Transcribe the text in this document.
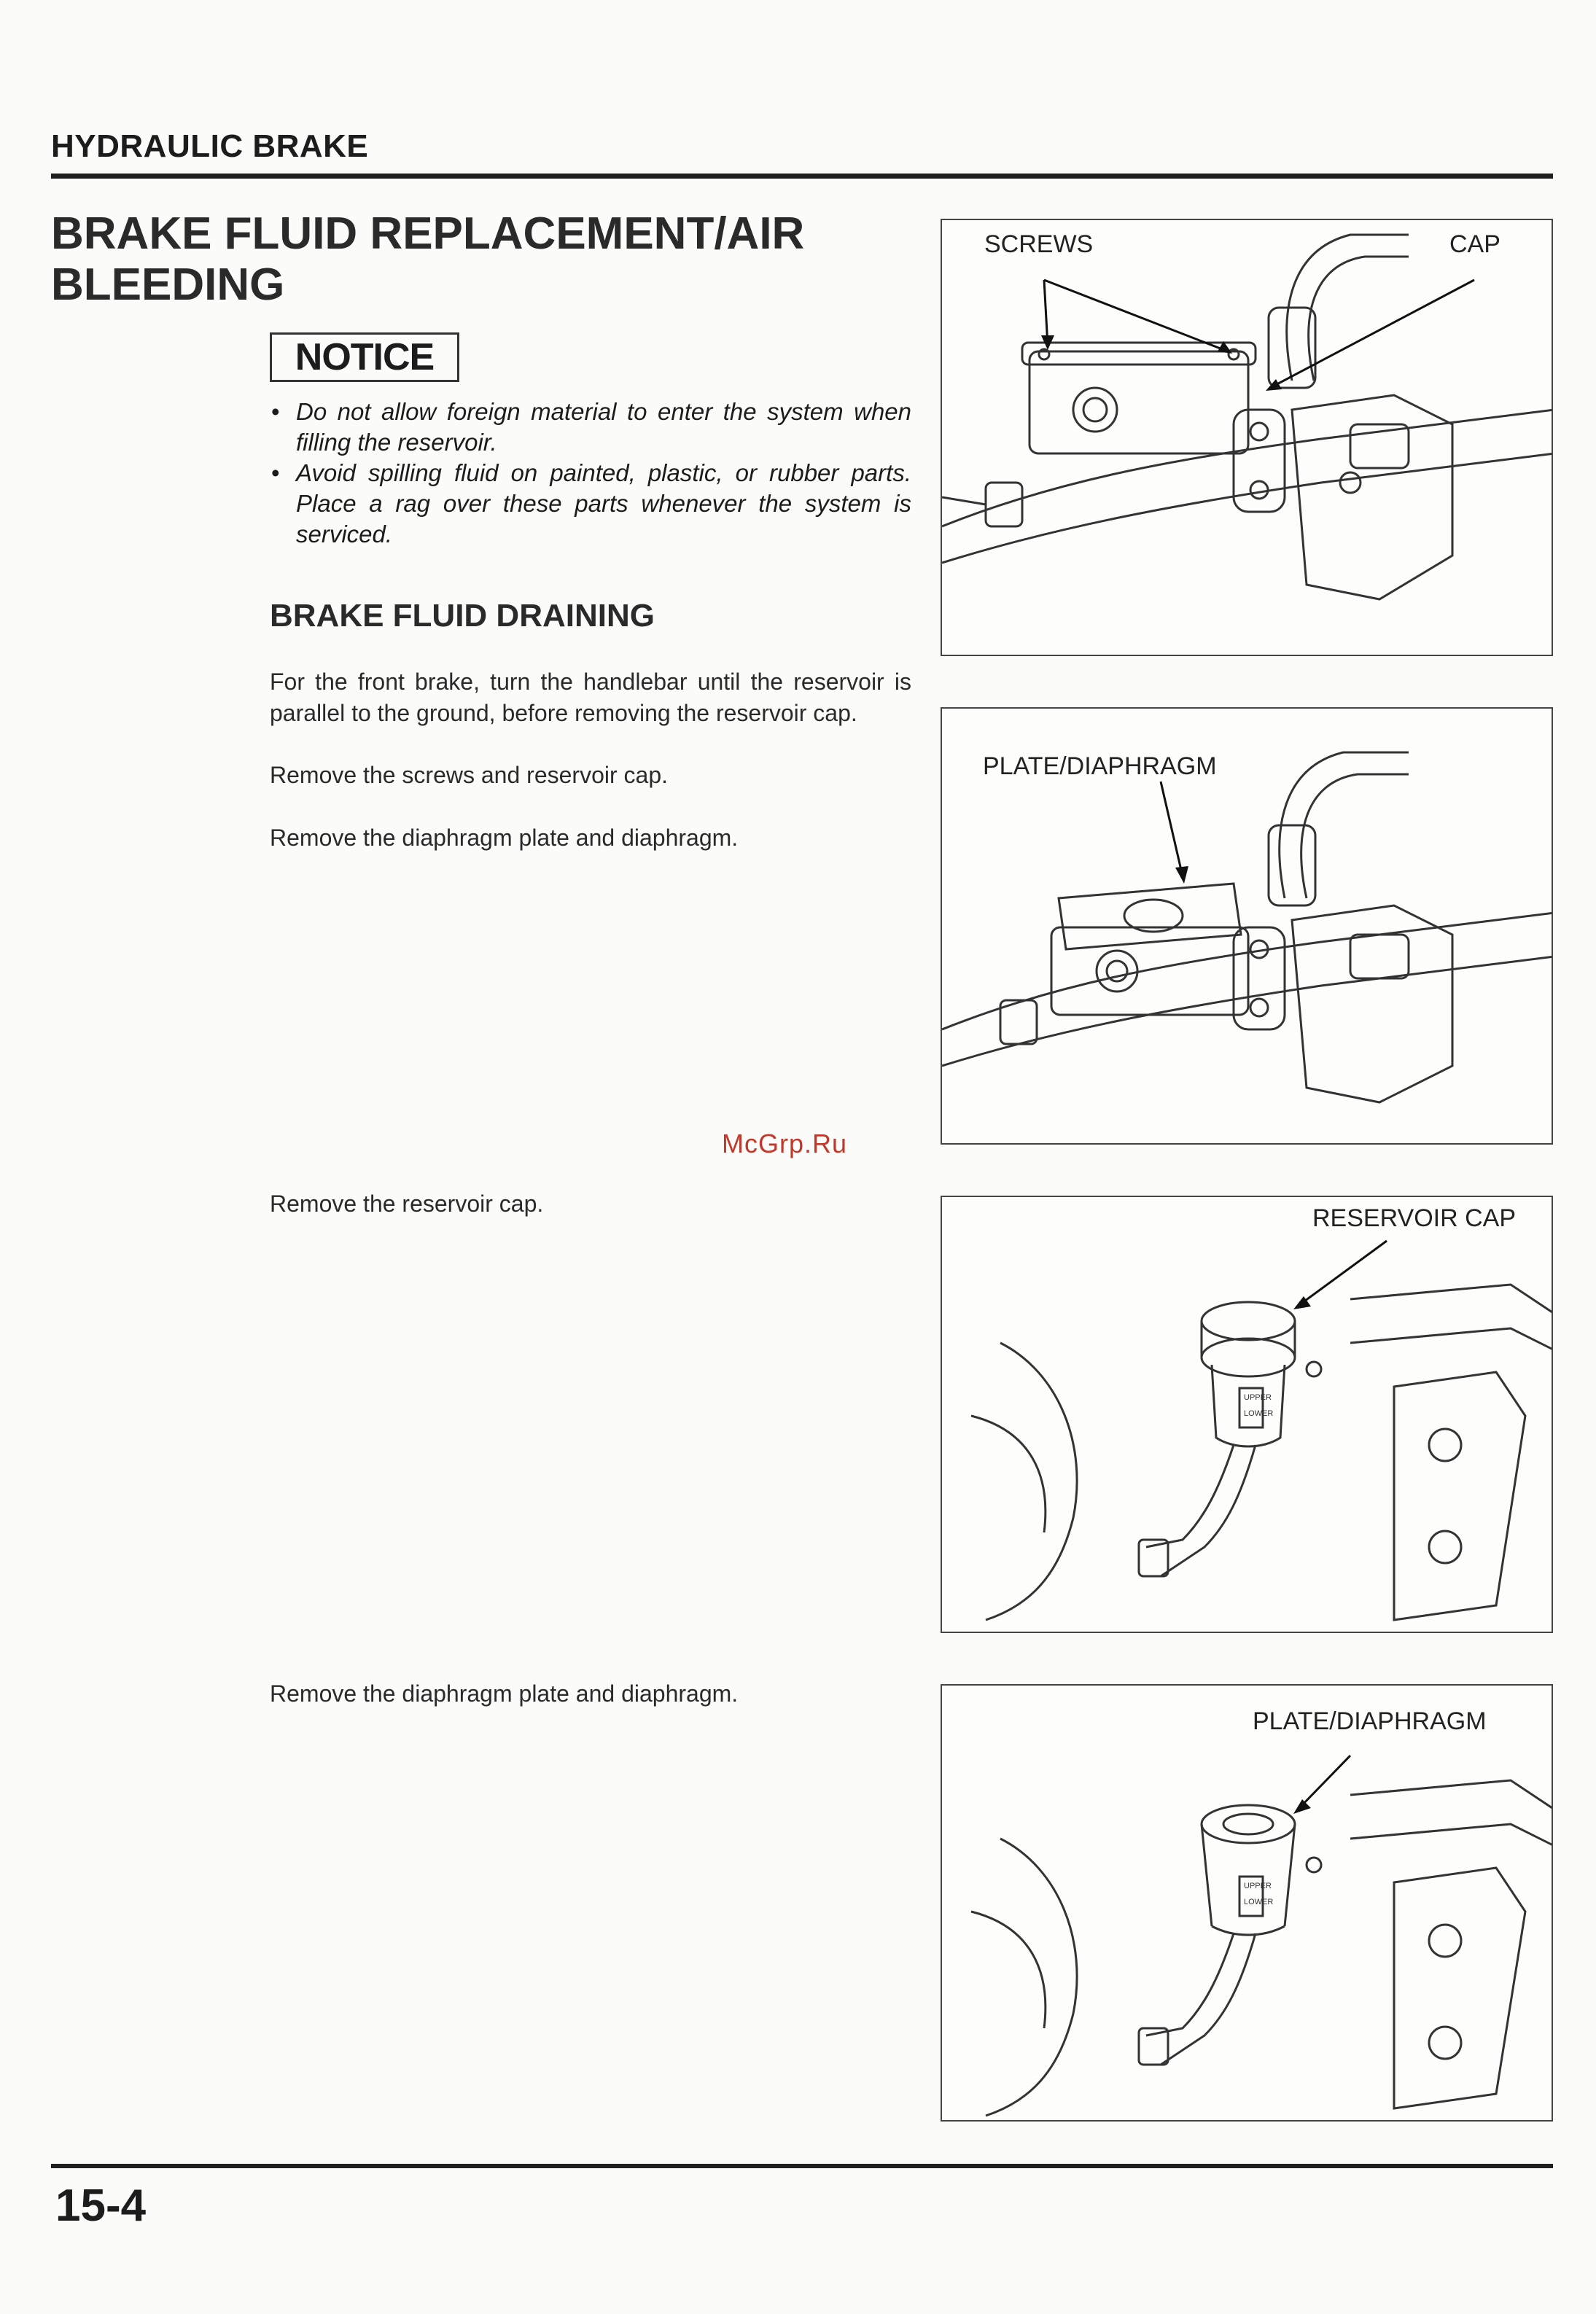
HYDRAULIC BRAKE
BRAKE FLUID REPLACEMENT/AIR BLEEDING
NOTICE
• Do not allow foreign material to enter the system when filling the reservoir.
• Avoid spilling fluid on painted, plastic, or rubber parts. Place a rag over these parts whenever the system is serviced.
BRAKE FLUID DRAINING
For the front brake, turn the handlebar until the reservoir is parallel to the ground, before removing the reservoir cap.
Remove the screws and reservoir cap.
Remove the diaphragm plate and diaphragm.
Remove the reservoir cap.
Remove the diaphragm plate and diaphragm.
McGrp.Ru
SCREWS	CAP
PLATE/DIAPHRAGM
UPPER
LOWER
RESERVOIR CAP
UPPER
LOWER
PLATE/DIAPHRAGM
15-4
